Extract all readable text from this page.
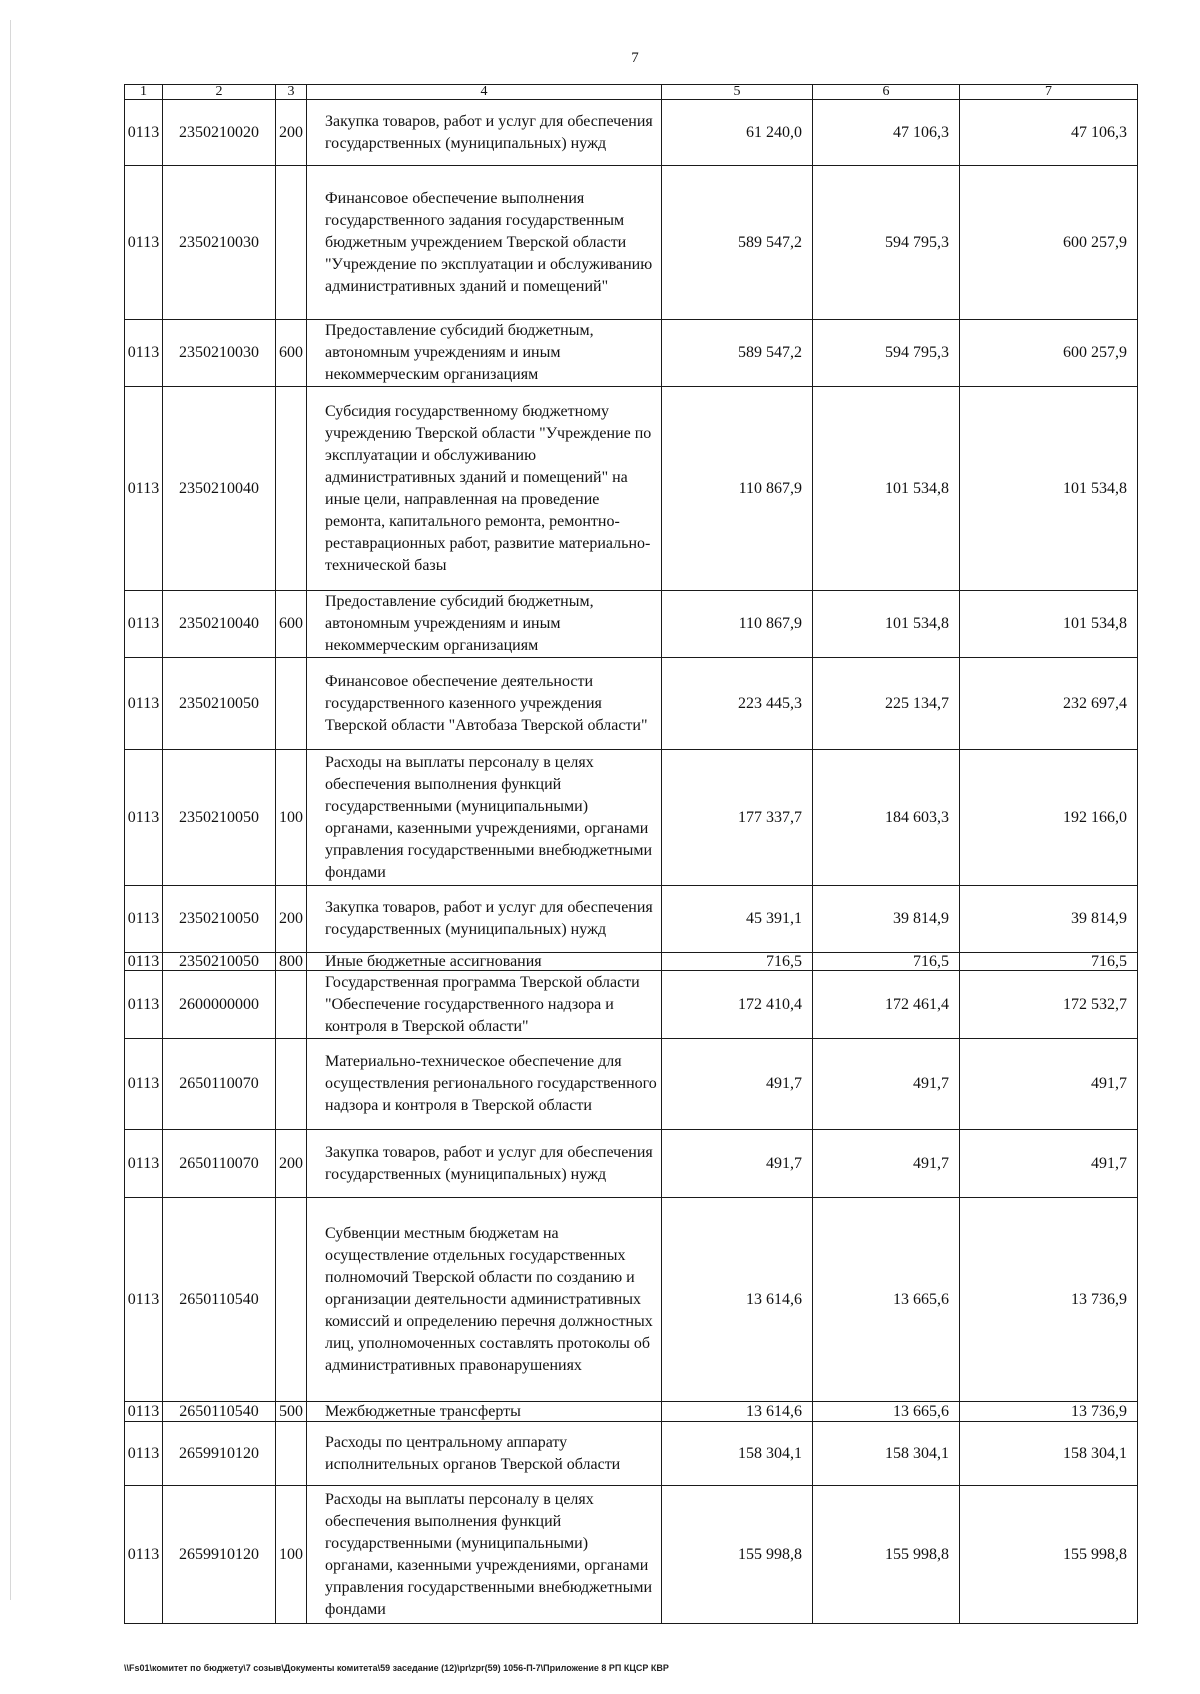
7
1	2	3	4	5	6	7
0113	2350210020	200	Закупка товаров, работ и услуг для обеспечения государственных (муниципальных) нужд	61 240,0	47 106,3	47 106,3
0113	2350210030		Финансовое обеспечение выполнения государственного задания государственным бюджетным учреждением Тверской области "Учреждение по эксплуатации и обслуживанию административных зданий и помещений"	589 547,2	594 795,3	600 257,9
0113	2350210030	600	Предоставление субсидий бюджетным, автономным учреждениям и иным некоммерческим организациям	589 547,2	594 795,3	600 257,9
0113	2350210040		Субсидия государственному бюджетному учреждению Тверской области "Учреждение по эксплуатации и обслуживанию административных зданий и помещений" на иные цели, направленная на проведение ремонта, капитального ремонта, ремонтно-реставрационных работ, развитие материально-технической базы	110 867,9	101 534,8	101 534,8
0113	2350210040	600	Предоставление субсидий бюджетным, автономным учреждениям и иным некоммерческим организациям	110 867,9	101 534,8	101 534,8
0113	2350210050		Финансовое обеспечение деятельности государственного казенного учреждения Тверской области "Автобаза Тверской области"	223 445,3	225 134,7	232 697,4
0113	2350210050	100	Расходы на выплаты персоналу в целях обеспечения выполнения функций государственными (муниципальными) органами, казенными учреждениями, органами управления государственными внебюджетными фондами	177 337,7	184 603,3	192 166,0
0113	2350210050	200	Закупка товаров, работ и услуг для обеспечения государственных (муниципальных) нужд	45 391,1	39 814,9	39 814,9
0113	2350210050	800	Иные бюджетные ассигнования	716,5	716,5	716,5
0113	2600000000		Государственная программа Тверской области "Обеспечение государственного надзора и контроля в Тверской области"	172 410,4	172 461,4	172 532,7
0113	2650110070		Материально-техническое обеспечение для осуществления регионального государственного надзора и контроля в Тверской области	491,7	491,7	491,7
0113	2650110070	200	Закупка товаров, работ и услуг для обеспечения государственных (муниципальных) нужд	491,7	491,7	491,7
0113	2650110540		Субвенции местным бюджетам на осуществление отдельных государственных полномочий Тверской области по созданию и организации деятельности административных комиссий и определению перечня должностных лиц, уполномоченных составлять протоколы об административных правонарушениях	13 614,6	13 665,6	13 736,9
0113	2650110540	500	Межбюджетные трансферты	13 614,6	13 665,6	13 736,9
0113	2659910120		Расходы по центральному аппарату исполнительных органов Тверской области	158 304,1	158 304,1	158 304,1
0113	2659910120	100	Расходы на выплаты персоналу в целях обеспечения выполнения функций государственными (муниципальными) органами, казенными учреждениями, органами управления государственными внебюджетными фондами	155 998,8	155 998,8	155 998,8
\\Fs01\комитет по бюджету\7 созыв\Документы комитета\59 заседание (12)\pr\zpr(59) 1056-П-7\Приложение 8 РП КЦСР КВР
